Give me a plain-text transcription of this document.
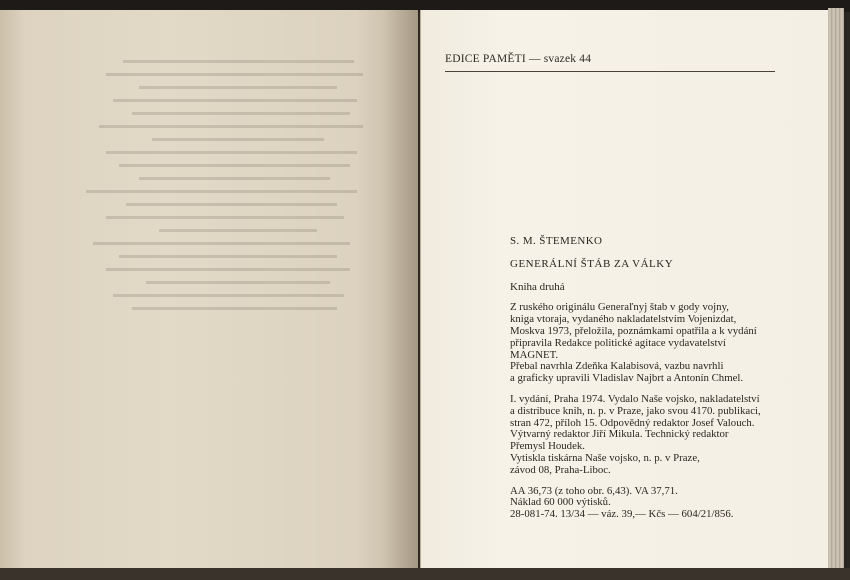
EDICE PAMĚTI — svazek 44
S. M. ŠTEMENKO
GENERÁLNÍ ŠTÁB ZA VÁLKY
Kniha druhá
Z ruského originálu Generaľnyj štab v gody vojny,
kniga vtoraja, vydaného nakladatelstvím Vojenizdat,
Moskva 1973, přeložila, poznámkami opatřila a k vydání
připravila Redakce politické agitace vydavatelství
MAGNET.
Přebal navrhla Zdeňka Kalabisová, vazbu navrhli
a graficky upravili Vladislav Najbrt a Antonín Chmel.
I. vydání, Praha 1974. Vydalo Naše vojsko, nakladatelství
a distribuce knih, n. p. v Praze, jako svou 4170. publikaci,
stran 472, příloh 15. Odpovědný redaktor Josef Valouch.
Výtvarný redaktor Jiří Mikula. Technický redaktor
Přemysl Houdek.
Vytiskla tiskárna Naše vojsko, n. p. v Praze,
závod 08, Praha-Liboc.
AA 36,73 (z toho obr. 6,43). VA 37,71.
Náklad 60 000 výtisků.
28-081-74. 13/34 — váz. 39,— Kčs — 604/21/856.
